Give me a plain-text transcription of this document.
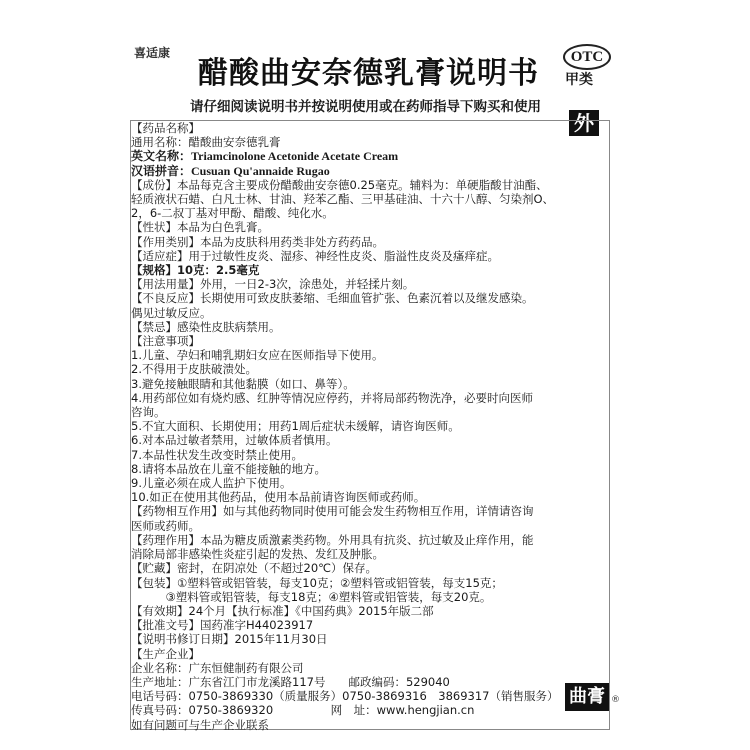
喜适康
醋酸曲安奈德乳膏说明书	OTC
甲类
请仔细阅读说明书并按说明使用或在药师指导下购买和使用
外
【药品名称】
通用名称：醋酸曲安奈德乳膏
英文名称：Triamcinolone Acetonide Acetate Cream
汉语拼音：Cusuan Qu'annaide Rugao
【成份】本品每克含主要成份醋酸曲安奈德0.25毫克。辅料为：单硬脂酸甘油酯、
轻质液状石蜡、白凡士林、甘油、羟苯乙酯、三甲基硅油、十六十八醇、匀染剂O、
2，6-二叔丁基对甲酚、醋酸、纯化水。
【性状】本品为白色乳膏。
【作用类别】本品为皮肤科用药类非处方药药品。
【适应症】用于过敏性皮炎、湿疹、神经性皮炎、脂溢性皮炎及瘙痒症。
【规格】10克：2.5毫克
【用法用量】外用，一日2-3次，涂患处，并轻揉片刻。
【不良反应】长期使用可致皮肤萎缩、毛细血管扩张、色素沉着以及继发感染。
偶见过敏反应。
【禁忌】感染性皮肤病禁用。
【注意事项】
1.儿童、孕妇和哺乳期妇女应在医师指导下使用。
2.不得用于皮肤破溃处。
3.避免接触眼睛和其他黏膜（如口、鼻等）。
4.用药部位如有烧灼感、红肿等情况应停药，并将局部药物洗净，必要时向医师
咨询。
5.不宜大面积、长期使用；用药1周后症状未缓解，请咨询医师。
6.对本品过敏者禁用，过敏体质者慎用。
7.本品性状发生改变时禁止使用。
8.请将本品放在儿童不能接触的地方。
9.儿童必须在成人监护下使用。
10.如正在使用其他药品，使用本品前请咨询医师或药师。
【药物相互作用】如与其他药物同时使用可能会发生药物相互作用，详情请咨询
医师或药师。
【药理作用】本品为糖皮质激素类药物。外用具有抗炎、抗过敏及止痒作用，能
消除局部非感染性炎症引起的发热、发红及肿胀。
【贮藏】密封，在阴凉处（不超过20℃）保存。
【包装】①塑料管或铝管装，每支10克；②塑料管或铝管装，每支15克；
　　　③塑料管或铝管装，每支18克；④塑料管或铝管装，每支20克。
【有效期】24个月【执行标准】《中国药典》2015年版二部
【批准文号】国药准字H44023917
【说明书修订日期】2015年11月30日
【生产企业】
企业名称：广东恒健制药有限公司
生产地址：广东省江门市龙溪路117号　　邮政编码：529040
电话号码：0750-3869330（质量服务）0750-3869316　3869317（销售服务）
传真号码：0750-3869320　　　　　网　址：www.hengjian.cn
如有问题可与生产企业联系
曲膏 ®
